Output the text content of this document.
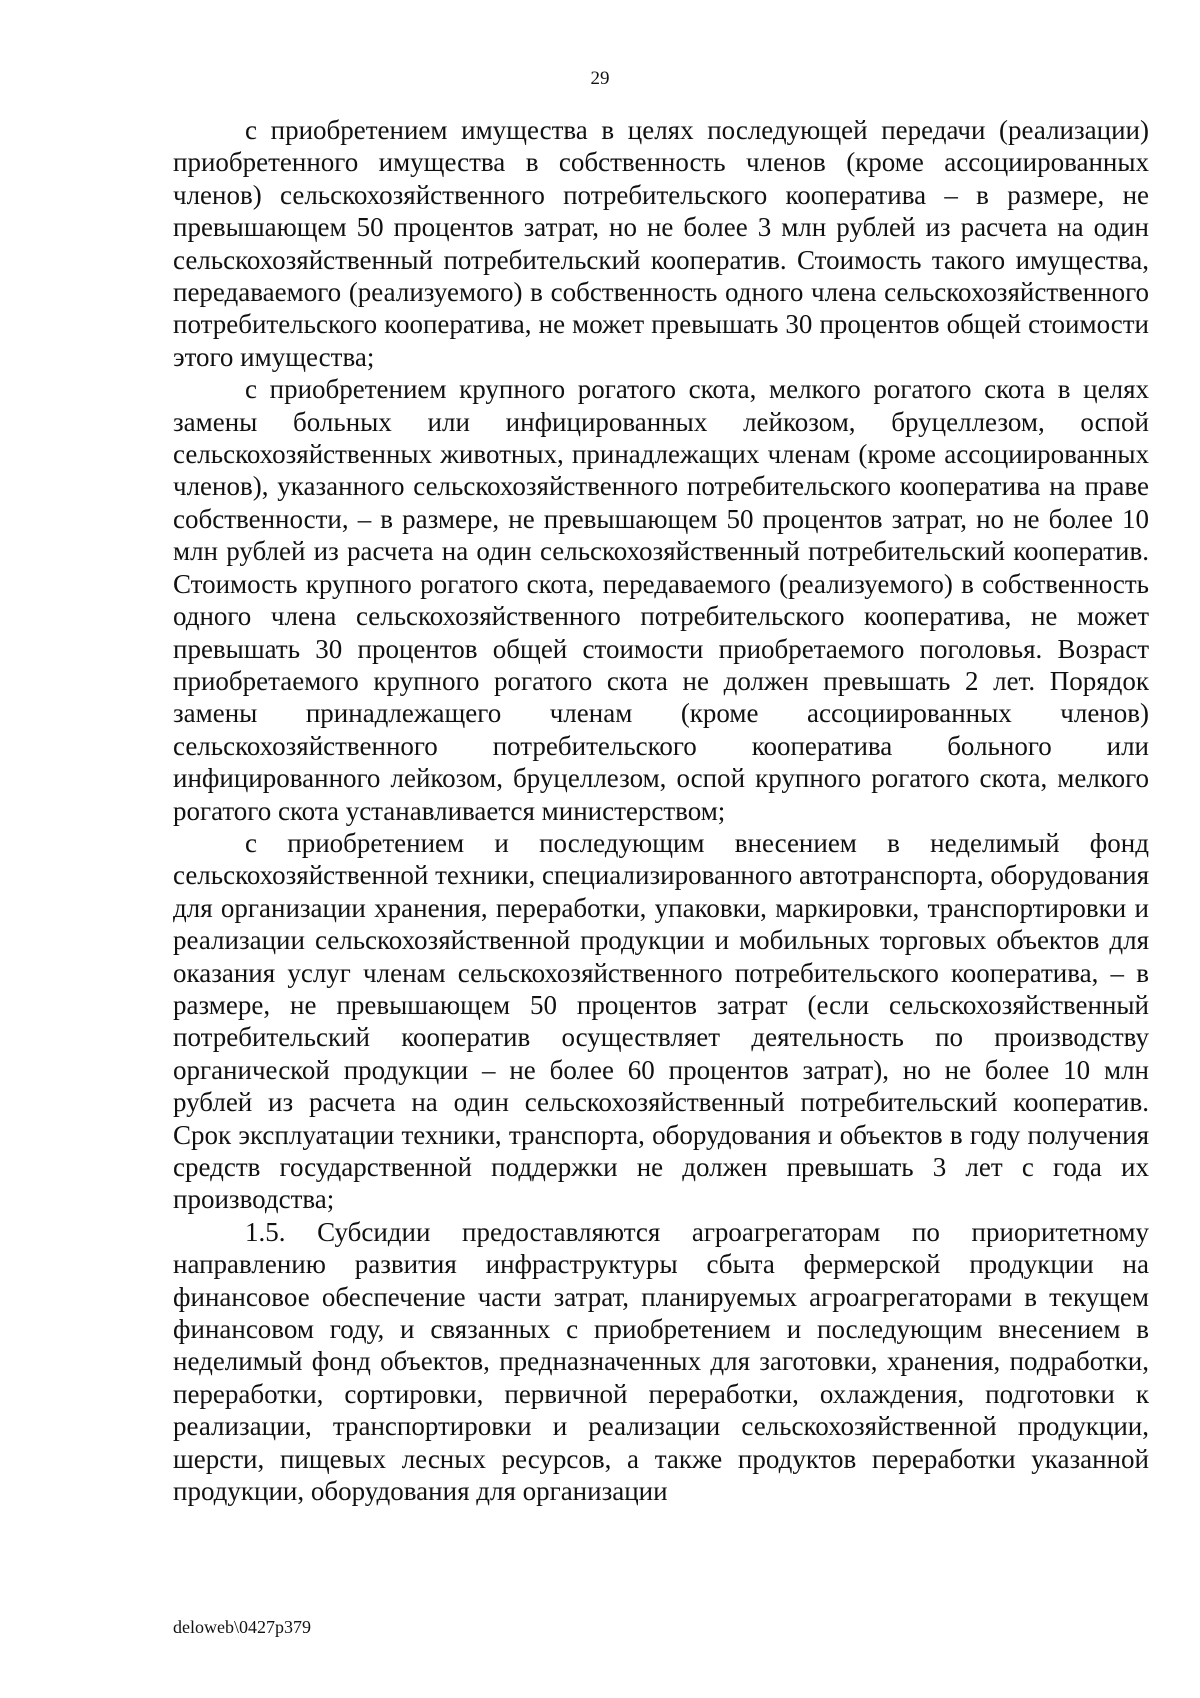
29

с приобретением имущества в целях последующей передачи (реализации) приобретенного имущества в собственность членов (кроме ассоциированных членов) сельскохозяйственного потребительского кооператива – в размере, не превышающем 50 процентов затрат, но не более 3 млн рублей из расчета на один сельскохозяйственный потребительский кооператив. Стоимость такого имущества, передаваемого (реализуемого) в собственность одного члена сельскохозяйственного потребительского кооператива, не может превышать 30 процентов общей стоимости этого имущества;

с приобретением крупного рогатого скота, мелкого рогатого скота в целях замены больных или инфицированных лейкозом, бруцеллезом, оспой сельскохозяйственных животных, принадлежащих членам (кроме ассоциированных членов), указанного сельскохозяйственного потребительского кооператива на праве собственности, – в размере, не превышающем 50 процентов затрат, но не более 10 млн рублей из расчета на один сельскохозяйственный потребительский кооператив. Стоимость крупного рогатого скота, передаваемого (реализуемого) в собственность одного члена сельскохозяйственного потребительского кооператива, не может превышать 30 процентов общей стоимости приобретаемого поголовья. Возраст приобретаемого крупного рогатого скота не должен превышать 2 лет. Порядок замены принадлежащего членам (кроме ассоциированных членов) сельскохозяйственного потребительского кооператива больного или инфицированного лейкозом, бруцеллезом, оспой крупного рогатого скота, мелкого рогатого скота устанавливается министерством;

с приобретением и последующим внесением в неделимый фонд сельскохозяйственной техники, специализированного автотранспорта, оборудования для организации хранения, переработки, упаковки, маркировки, транспортировки и реализации сельскохозяйственной продукции и мобильных торговых объектов для оказания услуг членам сельскохозяйственного потребительского кооператива, – в размере, не превышающем 50 процентов затрат (если сельскохозяйственный потребительский кооператив осуществляет деятельность по производству органической продукции – не более 60 процентов затрат), но не более 10 млн рублей из расчета на один сельскохозяйственный потребительский кооператив. Срок эксплуатации техники, транспорта, оборудования и объектов в году получения средств государственной поддержки не должен превышать 3 лет с года их производства;

1.5. Субсидии предоставляются агроагрегаторам по приоритетному направлению развития инфраструктуры сбыта фермерской продукции на финансовое обеспечение части затрат, планируемых агроагрегаторами в текущем финансовом году, и связанных с приобретением и последующим внесением в неделимый фонд объектов, предназначенных для заготовки, хранения, подработки, переработки, сортировки, первичной переработки, охлаждения, подготовки к реализации, транспортировки и реализации сельскохозяйственной продукции, шерсти, пищевых лесных ресурсов, а также продуктов переработки указанной продукции, оборудования для организации

deloweb\0427p379
